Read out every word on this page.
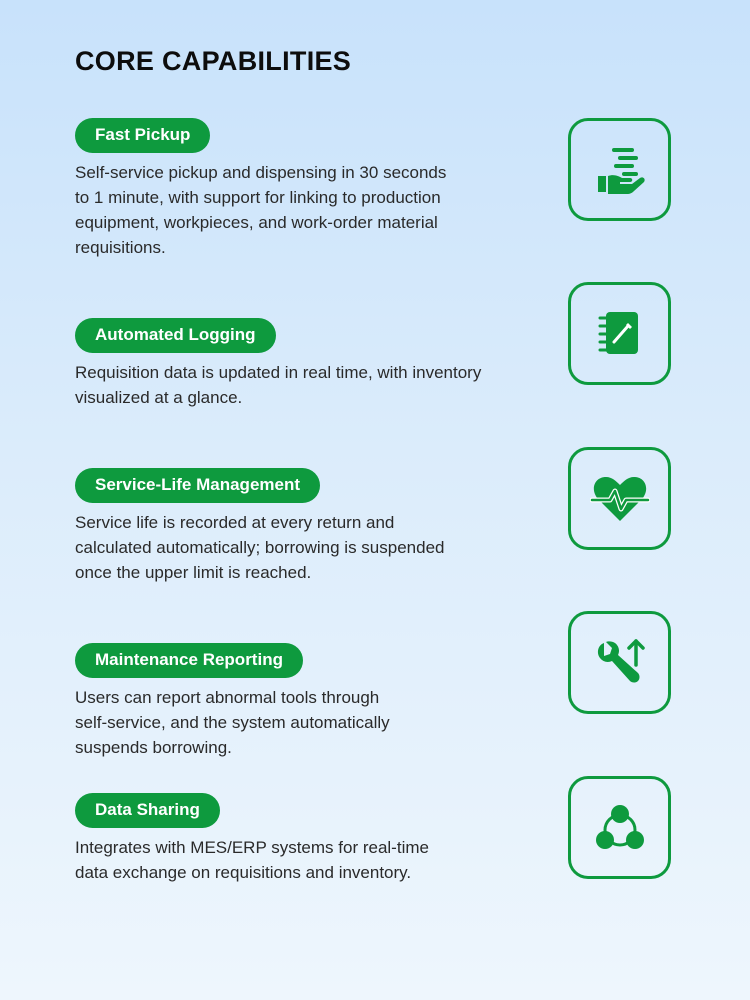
CORE CAPABILITIES
Fast Pickup

Self-service pickup and dispensing in 30 seconds
to 1 minute, with support for linking to production
equipment, workpieces, and work-order material
requisitions.

Automated Logging

Requisition data is updated in real time, with inventory
visualized at a glance.

Service-Life Management

Service life is recorded at every return and
calculated automatically; borrowing is suspended
once the upper limit is reached.

Maintenance Reporting

Users can report abnormal tools through
self-service, and the system automatically
suspends borrowing.

Data Sharing

Integrates with MES/ERP systems for real-time
data exchange on requisitions and inventory.
